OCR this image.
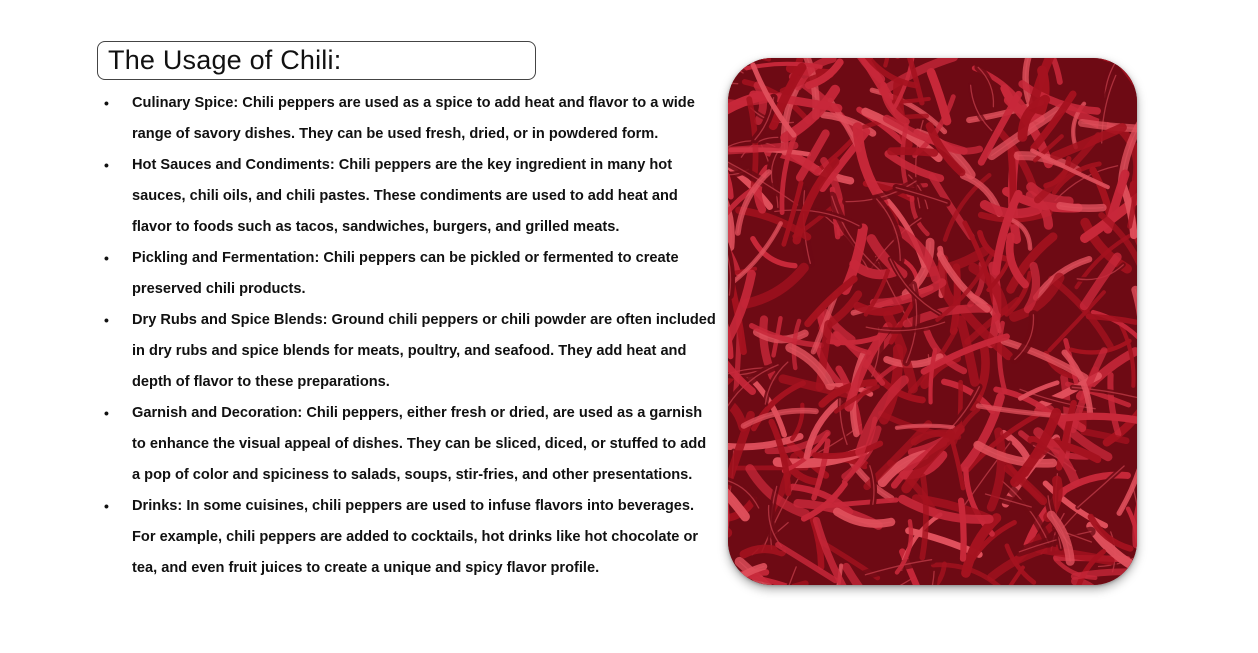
The Usage of Chili:
•	Culinary Spice: Chili peppers are used as a spice to add heat and flavor to a wide range of savory dishes. They can be used fresh, dried, or in powdered form.
•	Hot Sauces and Condiments: Chili peppers are the key ingredient in many hot sauces, chili oils, and chili pastes. These condiments are used to add heat and flavor to foods such as tacos, sandwiches, burgers, and grilled meats.
•	Pickling and Fermentation: Chili peppers can be pickled or fermented to create preserved chili products.
•	Dry Rubs and Spice Blends: Ground chili peppers or chili powder are often included in dry rubs and spice blends for meats, poultry, and seafood. They add heat and depth of flavor to these preparations.
•	Garnish and Decoration: Chili peppers, either fresh or dried, are used as a garnish to enhance the visual appeal of dishes. They can be sliced, diced, or stuffed to add a pop of color and spiciness to salads, soups, stir-fries, and other presentations.
•	Drinks: In some cuisines, chili peppers are used to infuse flavors into beverages. For example, chili peppers are added to cocktails, hot drinks like hot chocolate or tea, and even fruit juices to create a unique and spicy flavor profile.
